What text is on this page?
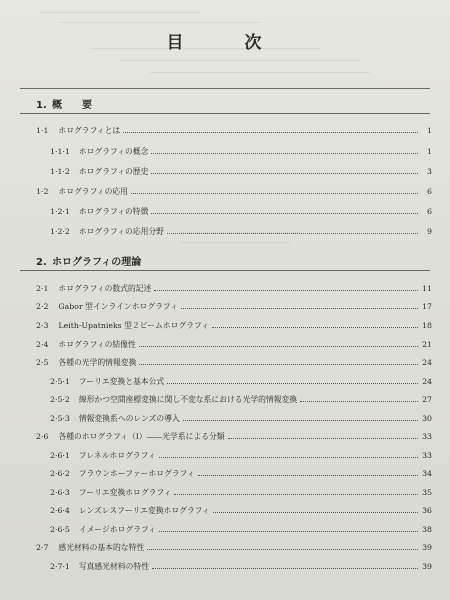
目　次
1. 概　　要
1·1 ホログラフィとは	1
1·1·1 ホログラフィの概念	1
1·1·2 ホログラフィの歴史	3
1·2 ホログラフィの応用	6
1·2·1 ホログラフィの特徴	6
1·2·2 ホログラフィの応用分野	9
2. ホログラフィの理論
2·1 ホログラフィの数式的記述	11
2·2 Gabor 型インラインホログラフィ	17
2·3 Leith-Upatnieks 型２ビームホログラフィ	18
2·4 ホログラフィの結像性	21
2·5 各種の光学的情報変換	24
2·5·1 フーリエ変換と基本公式	24
2·5·2 線形かつ空間座標変換に関し不変な系における光学的情報変換	27
2·5·3 情報変換系へのレンズの導入	30
2·6 各種のホログラフィ（Ⅰ）――光学系による分類	33
2·6·1 フレネルホログラフィ	33
2·6·2 フラウンホーファーホログラフィ	34
2·6·3 フーリエ変換ホログラフィ	35
2·6·4 レンズレスフーリエ変換ホログラフィ	36
2·6·5 イメージホログラフィ	38
2·7 感光材料の基本的な特性	39
2·7·1 写真感光材料の特性	39
